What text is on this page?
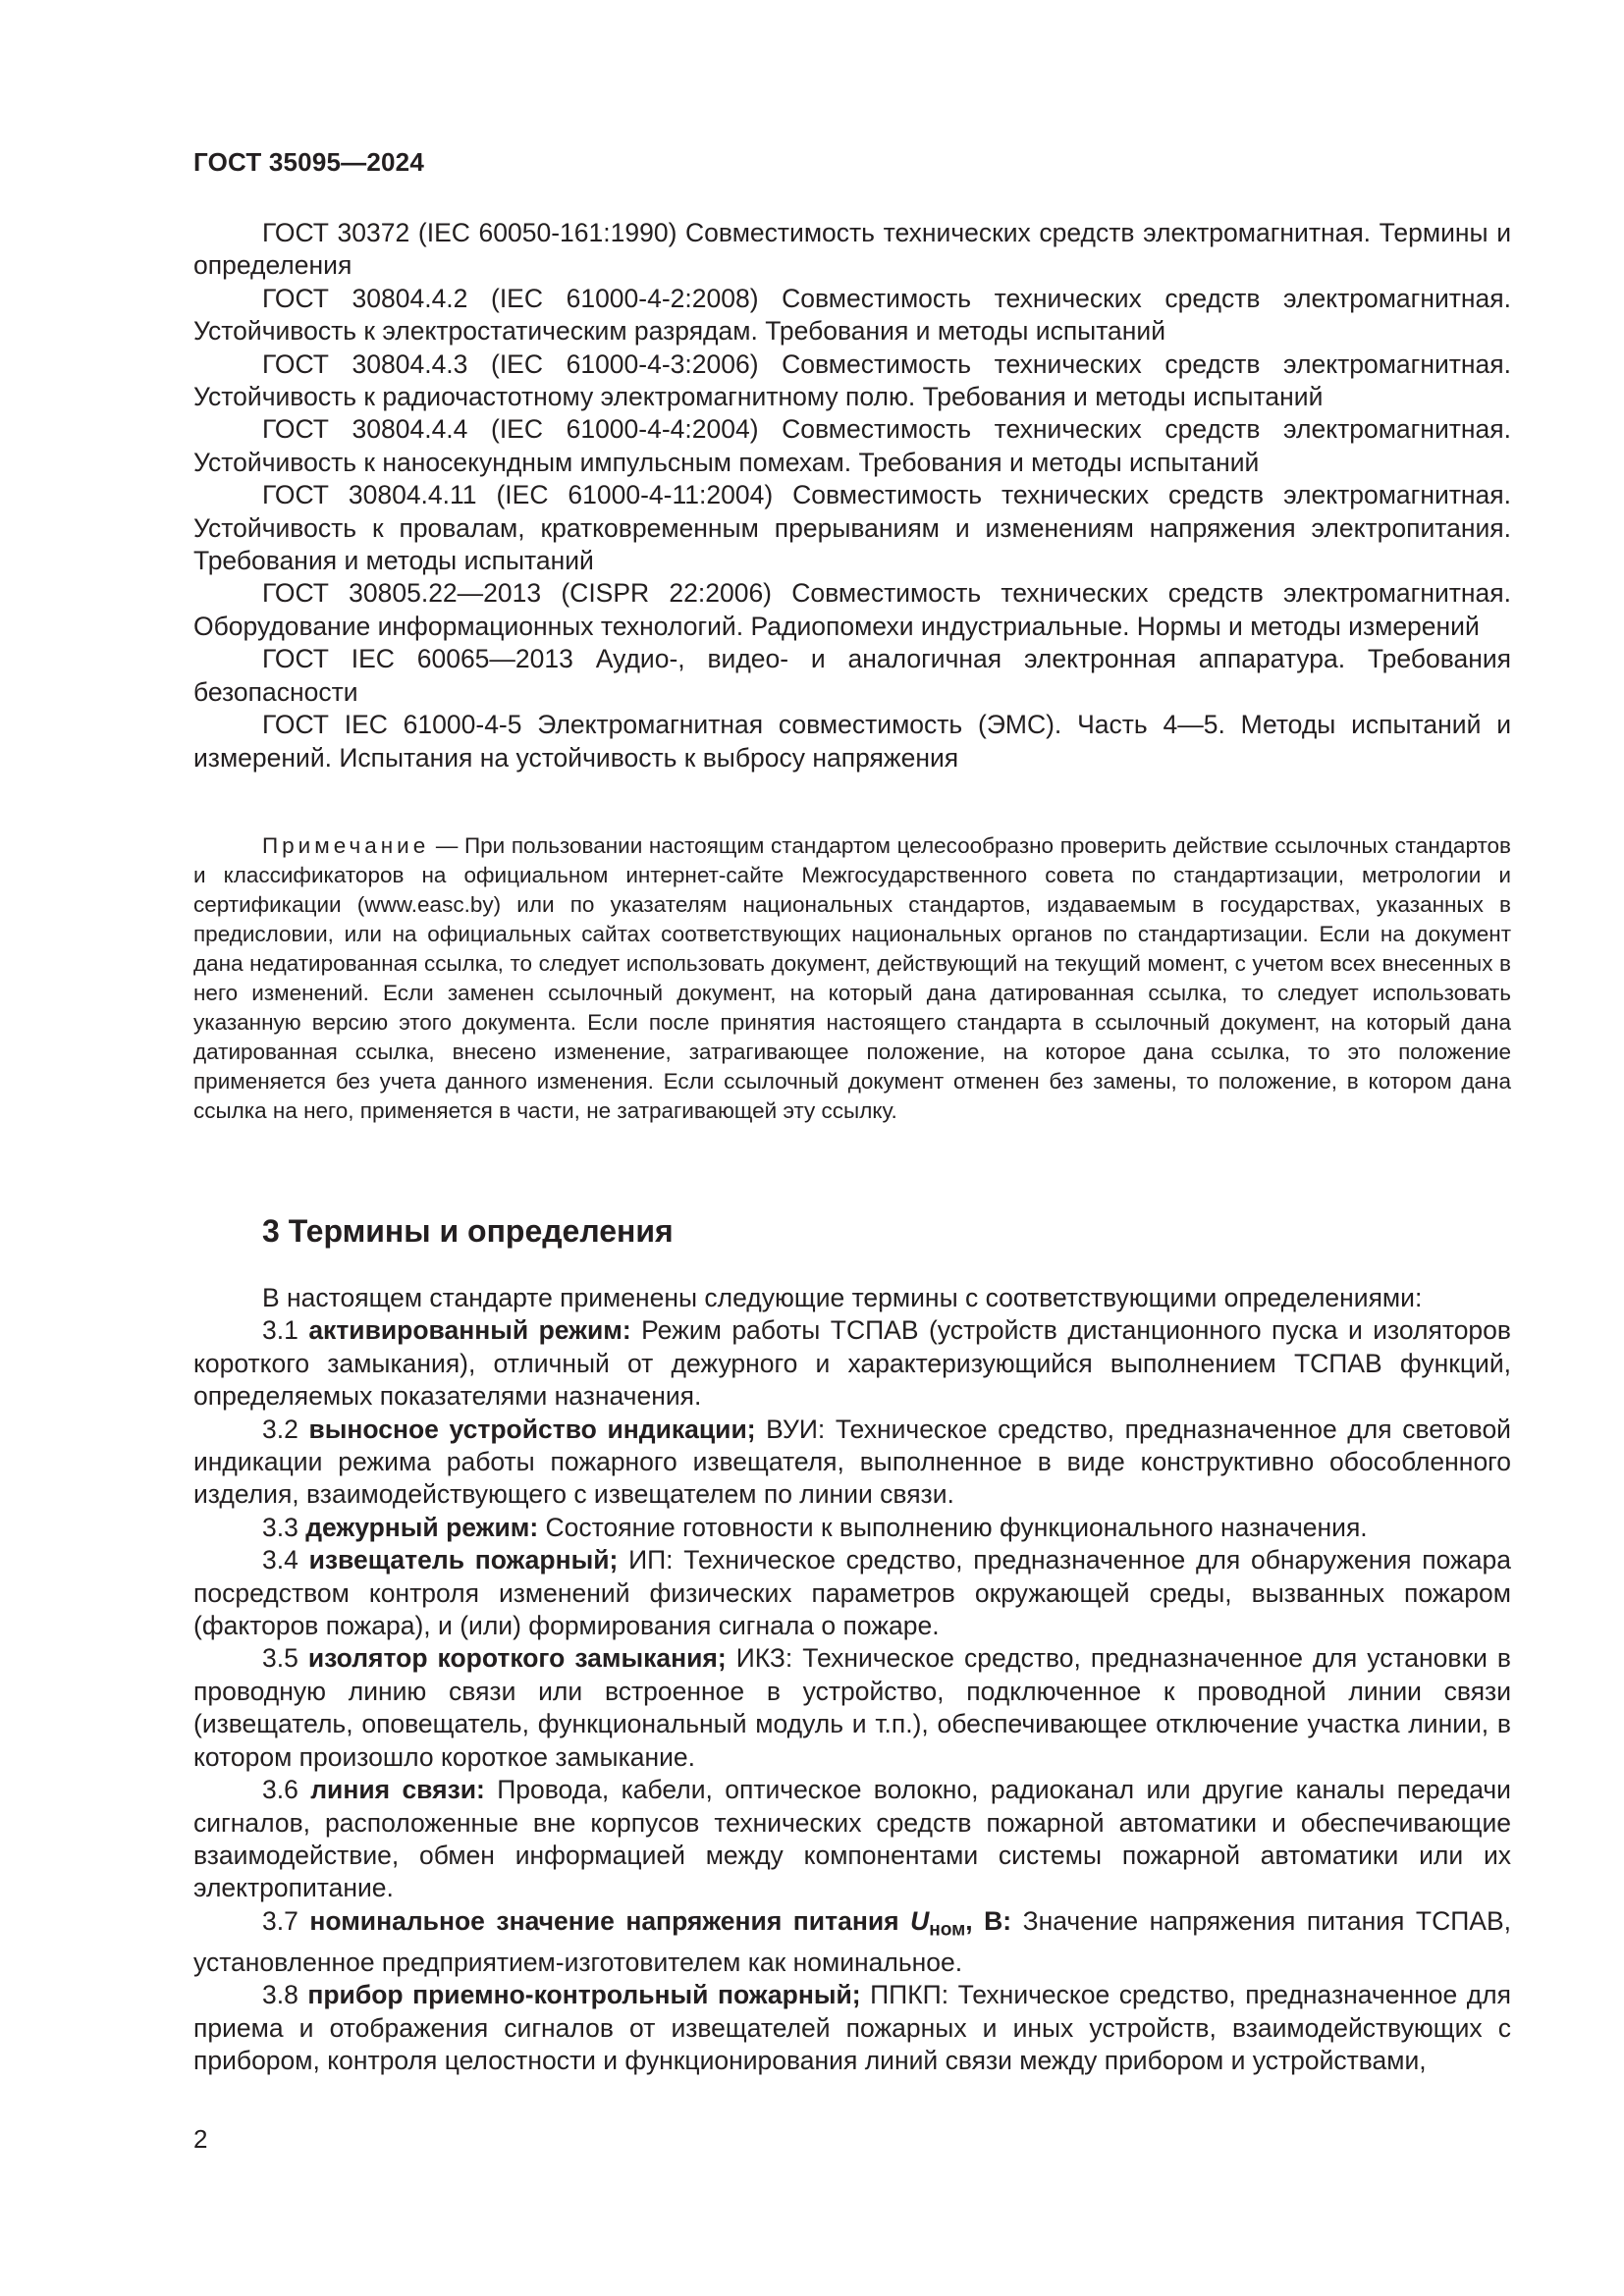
ГОСТ 35095—2024

ГОСТ 30372 (IEC 60050-161:1990) Совместимость технических средств электромагнитная. Термины и определения

ГОСТ 30804.4.2 (IEC 61000-4-2:2008) Совместимость технических средств электромагнитная. Устойчивость к электростатическим разрядам. Требования и методы испытаний

ГОСТ 30804.4.3 (IEC 61000-4-3:2006) Совместимость технических средств электромагнитная. Устойчивость к радиочастотному электромагнитному полю. Требования и методы испытаний

ГОСТ 30804.4.4 (IEC 61000-4-4:2004) Совместимость технических средств электромагнитная. Устойчивость к наносекундным импульсным помехам. Требования и методы испытаний

ГОСТ 30804.4.11 (IEC 61000-4-11:2004) Совместимость технических средств электромагнитная. Устойчивость к провалам, кратковременным прерываниям и изменениям напряжения электропитания. Требования и методы испытаний

ГОСТ 30805.22—2013 (CISPR 22:2006) Совместимость технических средств электромагнитная. Оборудование информационных технологий. Радиопомехи индустриальные. Нормы и методы измерений

ГОСТ IEC 60065—2013 Аудио-, видео- и аналогичная электронная аппаратура. Требования безопасности

ГОСТ IEC 61000-4-5 Электромагнитная совместимость (ЭМС). Часть 4—5. Методы испытаний и измерений. Испытания на устойчивость к выбросу напряжения

Примечание — При пользовании настоящим стандартом целесообразно проверить действие ссылочных стандартов и классификаторов на официальном интернет-сайте Межгосударственного совета по стандартизации, метрологии и сертификации (www.easc.by) или по указателям национальных стандартов, издаваемым в государствах, указанных в предисловии, или на официальных сайтах соответствующих национальных органов по стандартизации. Если на документ дана недатированная ссылка, то следует использовать документ, действующий на текущий момент, с учетом всех внесенных в него изменений. Если заменен ссылочный документ, на который дана датированная ссылка, то следует использовать указанную версию этого документа. Если после принятия настоящего стандарта в ссылочный документ, на который дана датированная ссылка, внесено изменение, затрагивающее положение, на которое дана ссылка, то это положение применяется без учета данного изменения. Если ссылочный документ отменен без замены, то положение, в котором дана ссылка на него, применяется в части, не затрагивающей эту ссылку.

3 Термины и определения

В настоящем стандарте применены следующие термины с соответствующими определениями:

3.1 активированный режим: Режим работы ТСПАВ (устройств дистанционного пуска и изоляторов короткого замыкания), отличный от дежурного и характеризующийся выполнением ТСПАВ функций, определяемых показателями назначения.

3.2 выносное устройство индикации; ВУИ: Техническое средство, предназначенное для световой индикации режима работы пожарного извещателя, выполненное в виде конструктивно обособленного изделия, взаимодействующего с извещателем по линии связи.

3.3 дежурный режим: Состояние готовности к выполнению функционального назначения.

3.4 извещатель пожарный; ИП: Техническое средство, предназначенное для обнаружения пожара посредством контроля изменений физических параметров окружающей среды, вызванных пожаром (факторов пожара), и (или) формирования сигнала о пожаре.

3.5 изолятор короткого замыкания; ИКЗ: Техническое средство, предназначенное для установки в проводную линию связи или встроенное в устройство, подключенное к проводной линии связи (извещатель, оповещатель, функциональный модуль и т.п.), обеспечивающее отключение участка линии, в котором произошло короткое замыкание.

3.6 линия связи: Провода, кабели, оптическое волокно, радиоканал или другие каналы передачи сигналов, расположенные вне корпусов технических средств пожарной автоматики и обеспечивающие взаимодействие, обмен информацией между компонентами системы пожарной автоматики или их электропитание.

3.7 номинальное значение напряжения питания $U_{ном}$, В: Значение напряжения питания ТСПАВ, установленное предприятием-изготовителем как номинальное.

3.8 прибор приемно-контрольный пожарный; ППКП: Техническое средство, предназначенное для приема и отображения сигналов от извещателей пожарных и иных устройств, взаимодействующих с прибором, контроля целостности и функционирования линий связи между прибором и устройствами,

2
